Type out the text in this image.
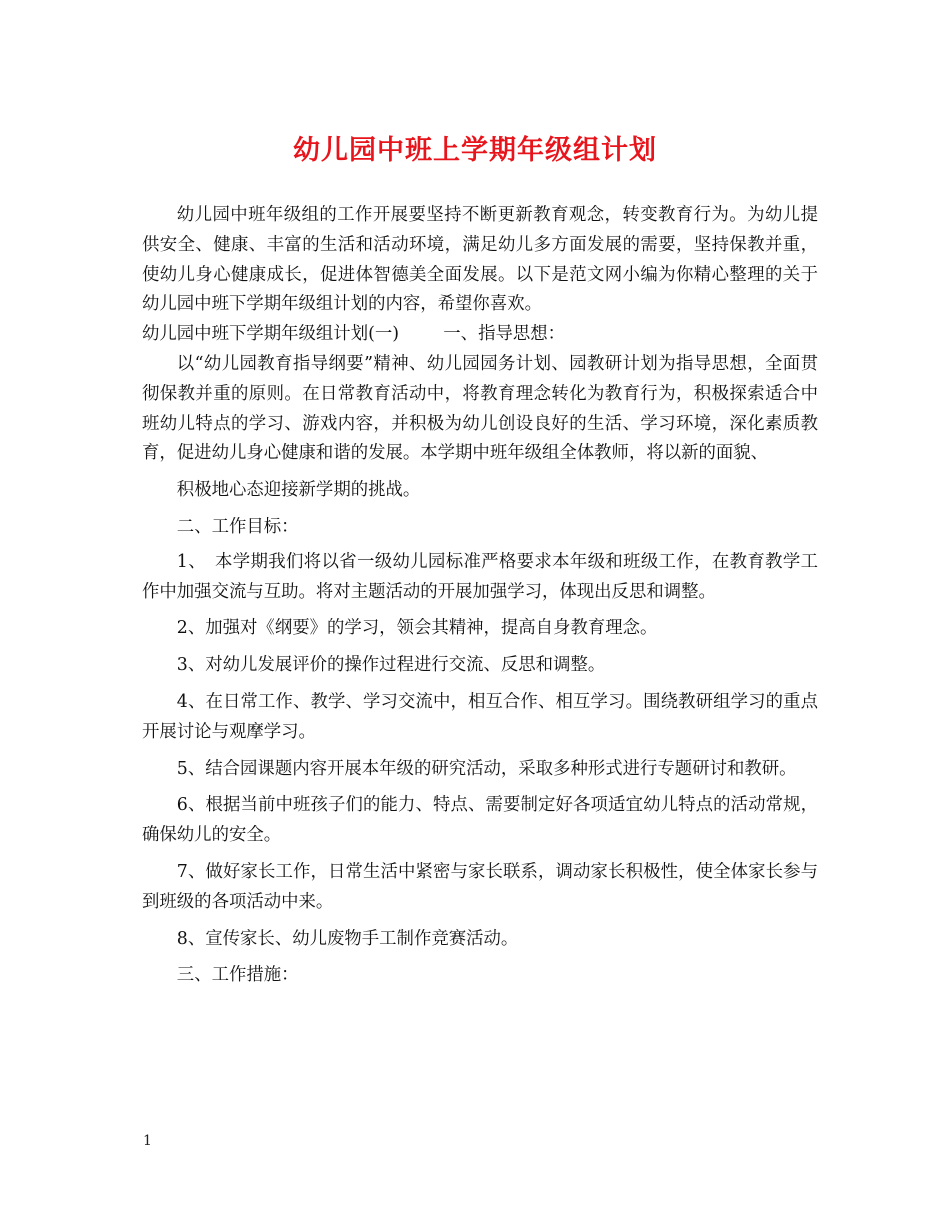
幼儿园中班上学期年级组计划

幼儿园中班年级组的工作开展要坚持不断更新教育观念，转变教育行为。为幼儿提供安全、健康、丰富的生活和活动环境，满足幼儿多方面发展的需要，坚持保教并重，使幼儿身心健康成长，促进体智德美全面发展。以下是范文网小编为你精心整理的关于幼儿园中班下学期年级组计划的内容，希望你喜欢。

幼儿园中班下学期年级组计划(一)	一、指导思想：

以“幼儿园教育指导纲要”精神、幼儿园园务计划、园教研计划为指导思想，全面贯彻保教并重的原则。在日常教育活动中，将教育理念转化为教育行为，积极探索适合中班幼儿特点的学习、游戏内容，并积极为幼儿创设良好的生活、学习环境，深化素质教育，促进幼儿身心健康和谐的发展。本学期中班年级组全体教师，将以新的面貌、

积极地心态迎接新学期的挑战。

二、工作目标：

1、　本学期我们将以省一级幼儿园标准严格要求本年级和班级工作，在教育教学工作中加强交流与互助。将对主题活动的开展加强学习，体现出反思和调整。

2、加强对《纲要》的学习，领会其精神，提高自身教育理念。

3、对幼儿发展评价的操作过程进行交流、反思和调整。

4、在日常工作、教学、学习交流中，相互合作、相互学习。围绕教研组学习的重点开展讨论与观摩学习。

5、结合园课题内容开展本年级的研究活动，采取多种形式进行专题研讨和教研。

6、根据当前中班孩子们的能力、特点、需要制定好各项适宜幼儿特点的活动常规，确保幼儿的安全。

7、做好家长工作，日常生活中紧密与家长联系，调动家长积极性，使全体家长参与到班级的各项活动中来。

8、宣传家长、幼儿废物手工制作竞赛活动。

三、工作措施：

1
